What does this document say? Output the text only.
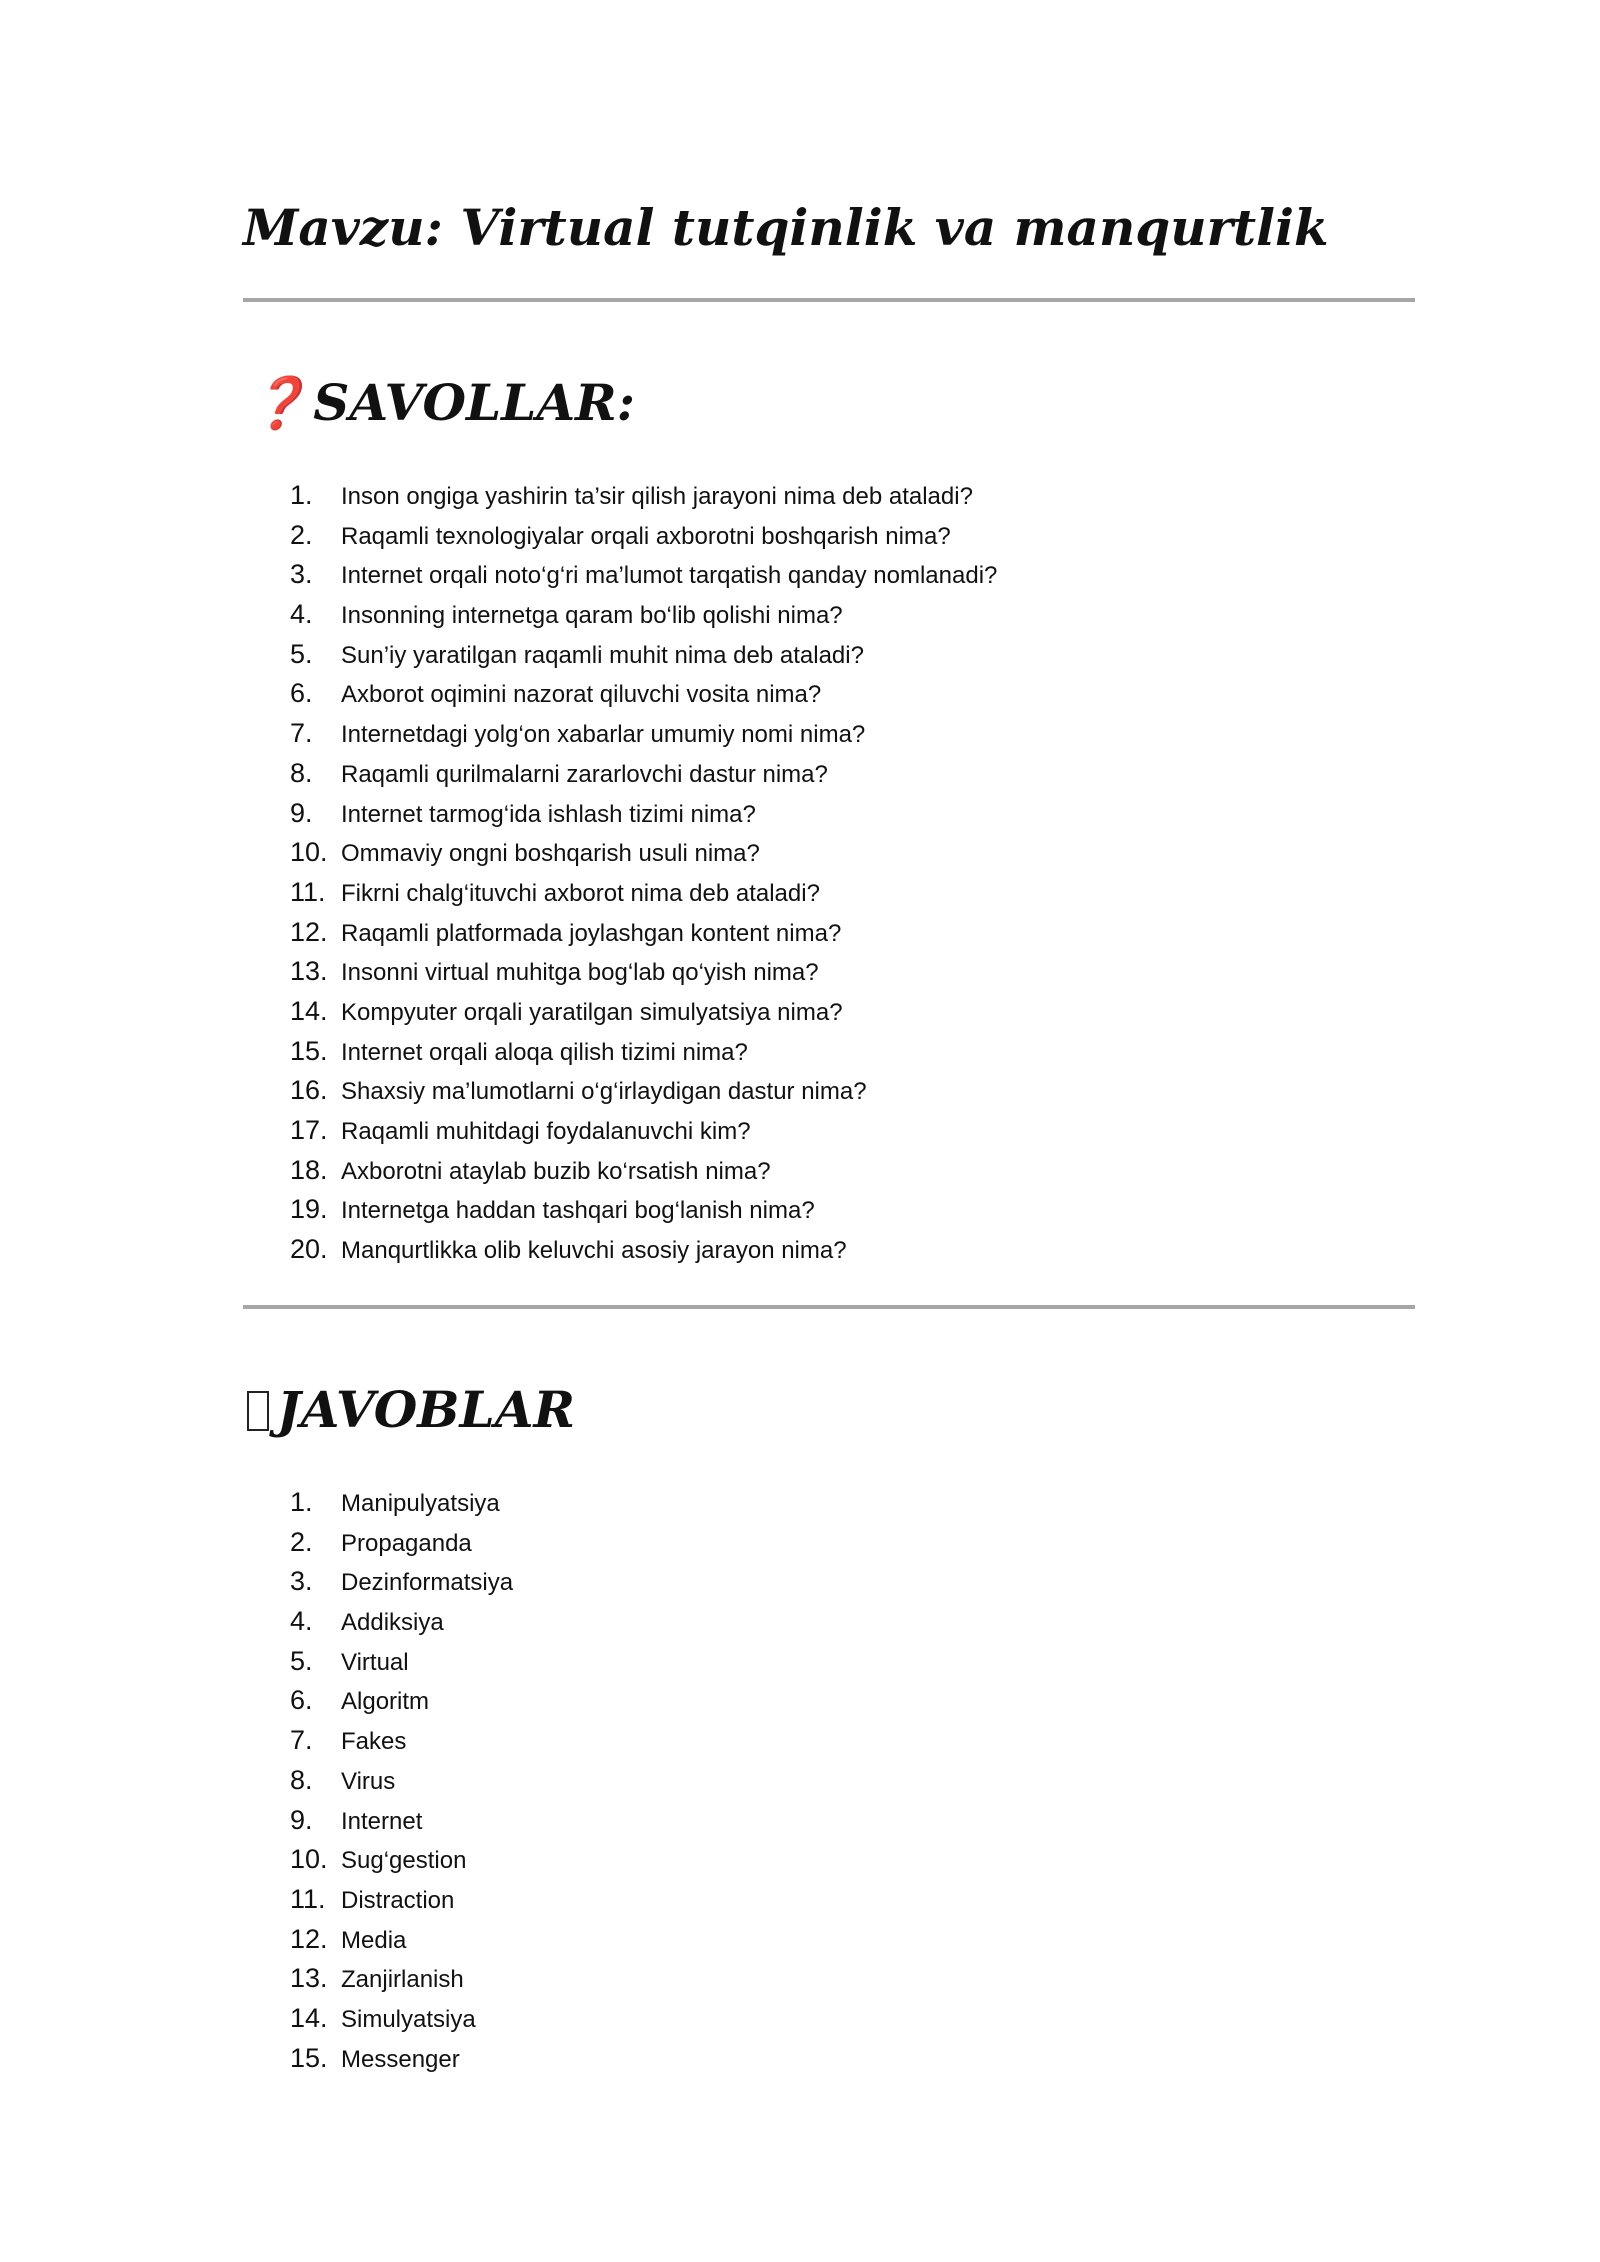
Mavzu: Virtual tutqinlik va manqurtlik
❓SAVOLLAR:
1.	Inson ongiga yashirin ta’sir qilish jarayoni nima deb ataladi?
2.	Raqamli texnologiyalar orqali axborotni boshqarish nima?
3.	Internet orqali noto‘g‘ri ma’lumot tarqatish qanday nomlanadi?
4.	Insonning internetga qaram bo‘lib qolishi nima?
5.	Sun’iy yaratilgan raqamli muhit nima deb ataladi?
6.	Axborot oqimini nazorat qiluvchi vosita nima?
7.	Internetdagi yolg‘on xabarlar umumiy nomi nima?
8.	Raqamli qurilmalarni zararlovchi dastur nima?
9.	Internet tarmog‘ida ishlash tizimi nima?
10. Ommaviy ongni boshqarish usuli nima?
11. Fikrni chalg‘ituvchi axborot nima deb ataladi?
12. Raqamli platformada joylashgan kontent nima?
13. Insonni virtual muhitga bog‘lab qo‘yish nima?
14. Kompyuter orqali yaratilgan simulyatsiya nima?
15. Internet orqali aloqa qilish tizimi nima?
16. Shaxsiy ma’lumotlarni o‘g‘irlaydigan dastur nima?
17. Raqamli muhitdagi foydalanuvchi kim?
18. Axborotni ataylab buzib ko‘rsatish nima?
19. Internetga haddan tashqari bog‘lanish nima?
20. Manqurtlikka olib keluvchi asosiy jarayon nima?
JAVOBLAR
1.	Manipulyatsiya
2.	Propaganda
3.	Dezinformatsiya
4.	Addiksiya
5.	Virtual
6.	Algoritm
7.	Fakes
8.	Virus
9.	Internet
10. Sug‘gestion
11. Distraction
12. Media
13. Zanjirlanish
14. Simulyatsiya
15. Messenger
